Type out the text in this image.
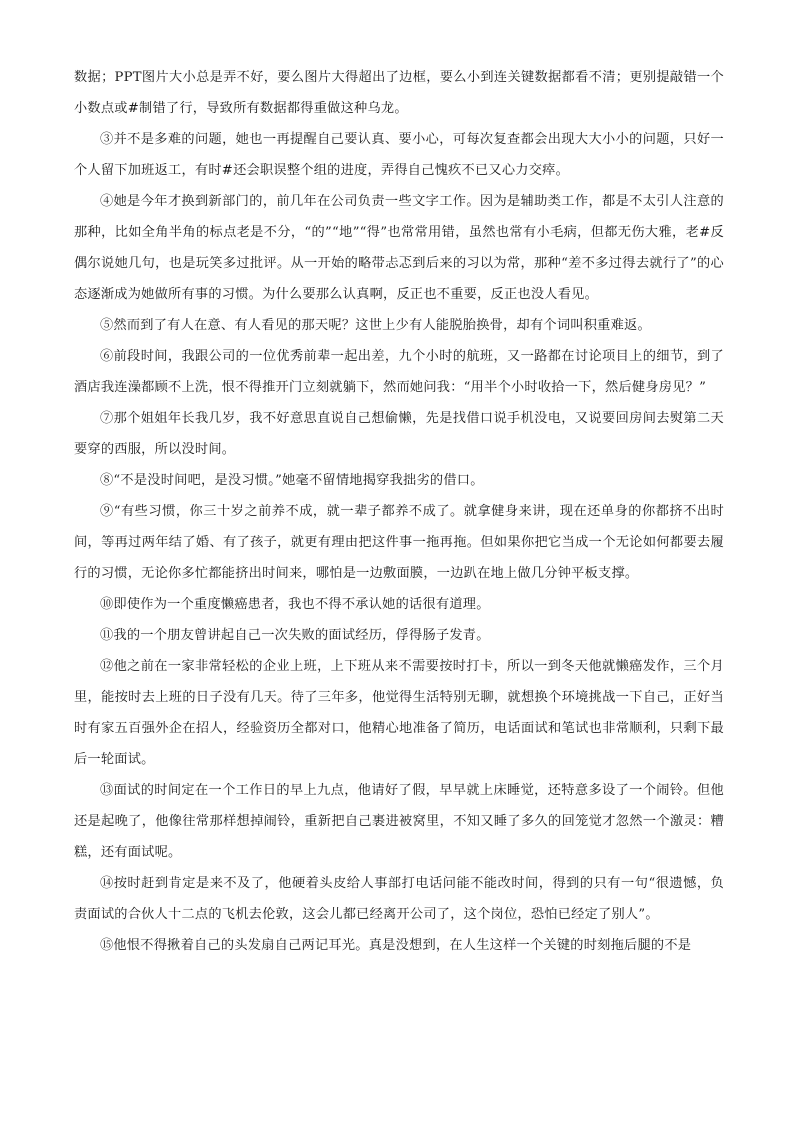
数据；PPT图片大小总是弄不好，要么图片大得超出了边框，要么小到连关键数据都看不清；更别提敲错一个小数点或#制错了行，导致所有数据都得重做这种乌龙。

③并不是多难的问题，她也一再提醒自己要认真、要小心，可每次复查都会出现大大小小的问题，只好一个人留下加班返工，有时#还会职误整个组的进度，弄得自己愧疚不已又心力交瘁。

④她是今年才换到新部门的，前几年在公司负责一些文字工作。因为是辅助类工作，都是不太引人注意的那种，比如全角半角的标点老是不分，“的”“地”“得”也常常用错，虽然也常有小毛病，但都无伤大雅，老#反偶尔说她几句，也是玩笑多过批评。从一开始的略带忐忑到后来的习以为常，那种“差不多过得去就行了”的心态逐渐成为她做所有事的习惯。为什么要那么认真啊，反正也不重要，反正也没人看见。

⑤然而到了有人在意、有人看见的那天呢？这世上少有人能脱胎换骨，却有个词叫积重难返。

⑥前段时间，我跟公司的一位优秀前辈一起出差，九个小时的航班，又一路都在讨论项目上的细节，到了酒店我连澡都顾不上洗，恨不得推开门立刻就躺下，然而她问我：“用半个小时收拾一下，然后健身房见？”

⑦那个姐姐年长我几岁，我不好意思直说自己想偷懒，先是找借口说手机没电，又说要回房间去熨第二天要穿的西服，所以没时间。

⑧“不是没时间吧，是没习惯。”她毫不留情地揭穿我拙劣的借口。

⑨“有些习惯，你三十岁之前养不成，就一辈子都养不成了。就拿健身来讲，现在还单身的你都挤不出时间，等再过两年结了婚、有了孩子，就更有理由把这件事一拖再拖。但如果你把它当成一个无论如何都要去履行的习惯，无论你多忙都能挤出时间来，哪怕是一边敷面膜，一边趴在地上做几分钟平板支撑。

⑩即使作为一个重度懒癌患者，我也不得不承认她的话很有道理。

⑪我的一个朋友曾讲起自己一次失败的面试经历，俘得肠子发青。

⑫他之前在一家非常轻松的企业上班，上下班从来不需要按时打卡，所以一到冬天他就懒癌发作，三个月里，能按时去上班的日子没有几天。待了三年多，他觉得生活特别无聊，就想换个环境挑战一下自己，正好当时有家五百强外企在招人，经验资历全都对口，他精心地准备了简历，电话面试和笔试也非常顺利，只剩下最后一轮面试。

⑬面试的时间定在一个工作日的早上九点，他请好了假，早早就上床睡觉，还特意多设了一个闹铃。但他还是起晚了，他像往常那样想掉闹铃，重新把自己裹进被窝里，不知又睡了多久的回笼觉才忽然一个激灵：糟糕，还有面试呢。

⑭按时赶到肯定是来不及了，他硬着头皮给人事部打电话问能不能改时间，得到的只有一句“很遗憾，负责面试的合伙人十二点的飞机去伦敦，这会儿都已经离开公司了，这个岗位，恐怕已经定了别人”。

⑮他恨不得揪着自己的头发扇自己两记耳光。真是没想到，在人生这样一个关键的时刻拖后腿的不是
